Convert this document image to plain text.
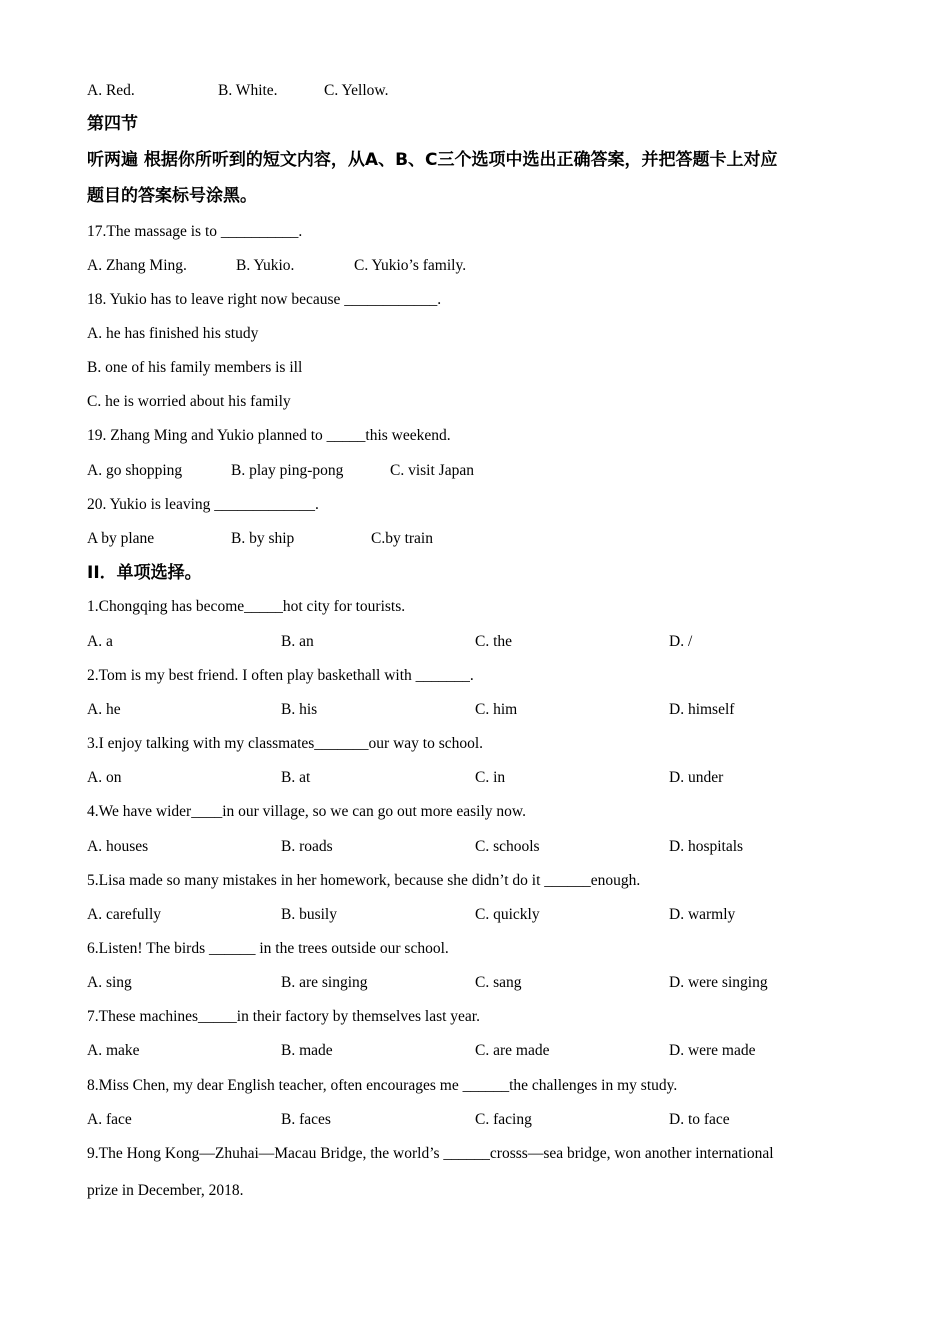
A. Red.	B. White.	C. Yellow.
第四节
听两遍 根据你所听到的短文内容，从A、B、C三个选项中选出正确答案，并把答题卡上对应
题目的答案标号涂黑。
17.The massage is to __________.
A. Zhang Ming.	B. Yukio.	C. Yukio’s family.
18. Yukio has to leave right now because ____________.
A. he has finished his study
B. one of his family members is ill
C. he is worried about his family
19. Zhang Ming and Yukio planned to _____this weekend.
A. go shopping	B. play ping-pong	C. visit Japan
20. Yukio is leaving _____________.
A by plane	B. by ship	C.by train
II．单项选择。
1.Chongqing has become_____hot city for tourists.
A. a	B. an	C. the	D. /
2.Tom is my best friend. I often play baskethall with _______.
A. he	B. his	C. him	D. himself
3.I enjoy talking with my classmates_______our way to school.
A. on	B. at	C. in	D. under
4.We have wider____in our village, so we can go out more easily now.
A. houses	B. roads	C. schools	D. hospitals
5.Lisa made so many mistakes in her homework, because she didn’t do it ______enough.
A. carefully	B. busily	C. quickly	D. warmly
6.Listen! The birds ______ in the trees outside our school.
A. sing	B. are singing	C. sang	D. were singing
7.These machines_____in their factory by themselves last year.
A. make	B. made	C. are made	D. were made
8.Miss Chen, my dear English teacher, often encourages me ______the challenges in my study.
A. face	B. faces	C. facing	D. to face
9.The Hong Kong—Zhuhai—Macau Bridge, the world’s ______crosss—sea bridge, won another international
prize in December, 2018.
